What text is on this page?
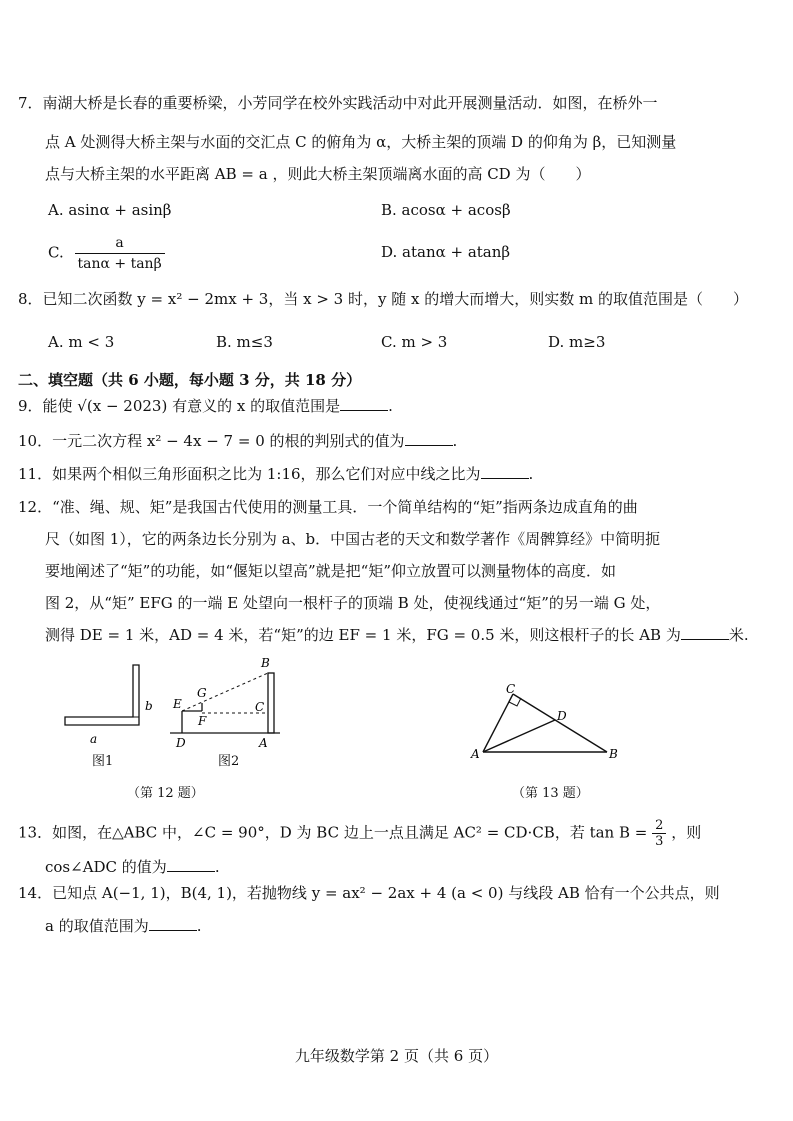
7．南湖大桥是长春的重要桥梁，小芳同学在校外实践活动中对此开展测量活动．如图，在桥外一
点 A 处测得大桥主架与水面的交汇点 C 的俯角为 α，大桥主架的顶端 D 的仰角为 β，已知测量
点与大桥主架的水平距离 AB = a ，则此大桥主架顶端离水面的高 CD 为（　　）
A. asinα + asinβ	B. acosα + acosβ
C. $\frac{a}{\tan\alpha + \tan\beta}$	D. atanα + atanβ
8．已知二次函数 y = x² − 2mx + 3，当 x > 3 时，y 随 x 的增大而增大，则实数 m 的取值范围是（　　）
A. m < 3	B. m≤3	C. m > 3	D. m≥3
二、填空题（共 6 小题，每小题 3 分，共 18 分）
9．能使 √(x − 2023) 有意义的 x 的取值范围是	.
10．一元二次方程 x² − 4x − 7 = 0 的根的判别式的值为	.
11．如果两个相似三角形面积之比为 1:16，那么它们对应中线之比为	.
12．“准、绳、规、矩”是我国古代使用的测量工具．一个简单结构的“矩”指两条边成直角的曲
尺（如图 1），它的两条边长分别为 a、b．中国古老的天文和数学著作《周髀算经》中简明扼
要地阐述了“矩”的功能，如“偃矩以望高”就是把“矩”仰立放置可以测量物体的高度．如
图 2，从“矩” EFG 的一端 E 处望向一根杆子的顶端 B 处，使视线通过“矩”的另一端 G 处，
测得 DE = 1 米，AD = 4 米，若“矩”的边 EF = 1 米，FG = 0.5 米，则这根杆子的长 AB 为	米.
a
b E
G
F
D	A
B
C
图1	图2
（第 12 题）
C
D
A	B
（第 13 题）
13．如图，在△ABC 中，∠C = 90°，D 为 BC 边上一点且满足 AC² = CD·CB，若 $\tan B = \frac{2}{3}$ ，则
cos∠ADC 的值为	.
14．已知点 A(−1, 1)，B(4, 1)，若抛物线 y = ax² − 2ax + 4 (a < 0) 与线段 AB 恰有一个公共点，则
a 的取值范围为	.
九年级数学第 2 页（共 6 页）
